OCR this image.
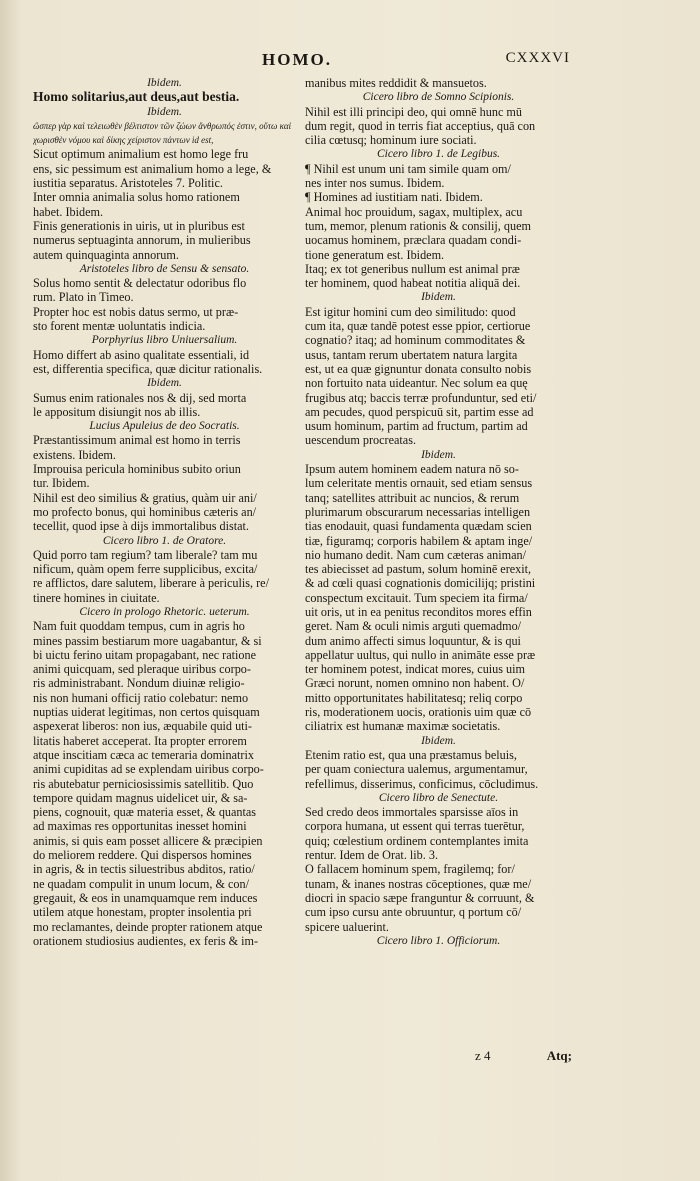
HOMO.	CXXXVI
Ibidem.
Homo solitarius,aut deus,aut bestia.
Ibidem.
ὥσπερ γὰρ καὶ τελειωθὲν βέλτιστον τῶν ζώων ἄνθρωπός ἐστιν, οὕτω καὶ
χωρισθὲν νόμου καὶ δίκης χείριστον πάντων id est,
Sicut optimum animalium est homo lege fru
ens, sic pessimum est animalium homo a lege, &
iustitia separatus. Aristoteles 7. Politic.
Inter omnia animalia solus homo rationem
habet. Ibidem.
Finis generationis in uiris, ut in pluribus est
numerus septuaginta annorum, in mulieribus
autem quinquaginta annorum.
Aristoteles libro de Sensu & sensato.
Solus homo sentit & delectatur odoribus flo
rum. Plato in Timeo.
Propter hoc est nobis datus sermo, ut præ-
sto forent mentæ uoluntatis indicia.
Porphyrius libro Uniuersalium.
Homo differt ab asino qualitate essentiali, id
est, differentia specifica, quæ dicitur rationalis.
Ibidem.
Sumus enim rationales nos & dij, sed morta
le appositum disiungit nos ab illis.
Lucius Apuleius de deo Socratis.
Præstantissimum animal est homo in terris
existens. Ibidem.
Improuisa pericula hominibus subito oriun
tur. Ibidem.
Nihil est deo similius & gratius, quàm uir ani/
mo profecto bonus, qui hominibus cæteris an/
tecellit, quod ipse à dijs immortalibus distat.
Cicero libro 1. de Oratore.
Quid porro tam regium? tam liberale? tam mu
nificum, quàm opem ferre supplicibus, excita/
re afflictos, dare salutem, liberare à periculis, re/
tinere homines in ciuitate.
Cicero in prologo Rhetoric. ueterum.
Nam fuit quoddam tempus, cum in agris ho
mines passim bestiarum more uagabantur, & si
bi uictu ferino uitam propagabant, nec ratione
animi quicquam, sed pleraque uiribus corpo-
ris administrabant. Nondum diuinæ religio-
nis non humani officij ratio colebatur: nemo
nuptias uiderat legitimas, non certos quisquam
aspexerat liberos: non ius, æquabile quid uti-
litatis haberet acceperat. Ita propter errorem
atque inscitiam cæca ac temeraria dominatrix
animi cupiditas ad se explendam uiribus corpo-
ris abutebatur perniciosissimis satellitib. Quo
tempore quidam magnus uidelicet uir, & sa-
piens, cognouit, quæ materia esset, & quantas
ad maximas res opportunitas inesset homini
animis, si quis eam posset allicere & præcipien
do meliorem reddere. Qui dispersos homines
in agris, & in tectis siluestribus abditos, ratio/
ne quadam compulit in unum locum, & con/
gregauit, & eos in unamquamque rem induces
utilem atque honestam, propter insolentia pri
mo reclamantes, deinde propter rationem atque
orationem studiosius audientes, ex feris & im-
manibus mites reddidit & mansuetos.
Cicero libro de Somno Scipionis.
Nihil est illi principi deo, qui omnē hunc mū
dum regit, quod in terris fiat acceptius, quā con
cilia cœtusq; hominum iure sociati.
Cicero libro 1. de Legibus.
¶ Nihil est unum uni tam simile quam om/
nes inter nos sumus. Ibidem.
¶ Homines ad iustitiam nati. Ibidem.
Animal hoc prouidum, sagax, multiplex, acu
tum, memor, plenum rationis & consilij, quem
uocamus hominem, præclara quadam condi-
tione generatum est. Ibidem.
Itaq; ex tot generibus nullum est animal præ
ter hominem, quod habeat notitia aliquā dei.
Ibidem.
Est igitur homini cum deo similitudo: quod
cum ita, quæ tandē potest esse ppior, certiorue
cognatio? itaq; ad hominum commoditates &
usus, tantam rerum ubertatem natura largita
est, ut ea quæ gignuntur donata consulto nobis
non fortuito nata uideantur. Nec solum ea quę
frugibus atq; baccis terræ profunduntur, sed eti/
am pecudes, quod perspicuū sit, partim esse ad
usum hominum, partim ad fructum, partim ad
uescendum procreatas.
Ibidem.
Ipsum autem hominem eadem natura nō so-
lum celeritate mentis ornauit, sed etiam sensus
tanq; satellites attribuit ac nuncios, & rerum
plurimarum obscurarum necessarias intelligen
tias enodauit, quasi fundamenta quædam scien
tiæ, figuramq; corporis habilem & aptam inge/
nio humano dedit. Nam cum cæteras animan/
tes abiecisset ad pastum, solum hominē erexit,
& ad cœli quasi cognationis domicilijq; pristini
conspectum excitauit. Tum speciem ita firma/
uit oris, ut in ea penitus reconditos mores effin
geret. Nam & oculi nimis arguti quemadmo/
dum animo affecti simus loquuntur, & is qui
appellatur uultus, qui nullo in animāte esse præ
ter hominem potest, indicat mores, cuius uim
Græci norunt, nomen omnino non habent. O/
mitto opportunitates habilitatesq; reliq corpo
ris, moderationem uocis, orationis uim quæ cō
ciliatrix est humanæ maximæ societatis.
Ibidem.
Etenim ratio est, qua una præstamus beluis,
per quam coniectura ualemus, argumentamur,
refellimus, disserimus, conficimus, cōcludimus.
Cicero libro de Senectute.
Sed credo deos immortales sparsisse aīos in
corpora humana, ut essent qui terras tuerētur,
quiq; cœlestium ordinem contemplantes imita
rentur. Idem de Orat. lib. 3.
O fallacem hominum spem, fragilemq; for/
tunam, & inanes nostras cōceptiones, quæ me/
diocri in spacio sæpe franguntur & corruunt, &
cum ipso cursu ante obruuntur, q portum cō/
spicere ualuerint.
Cicero libro 1. Officiorum.
z 4	Atq;
